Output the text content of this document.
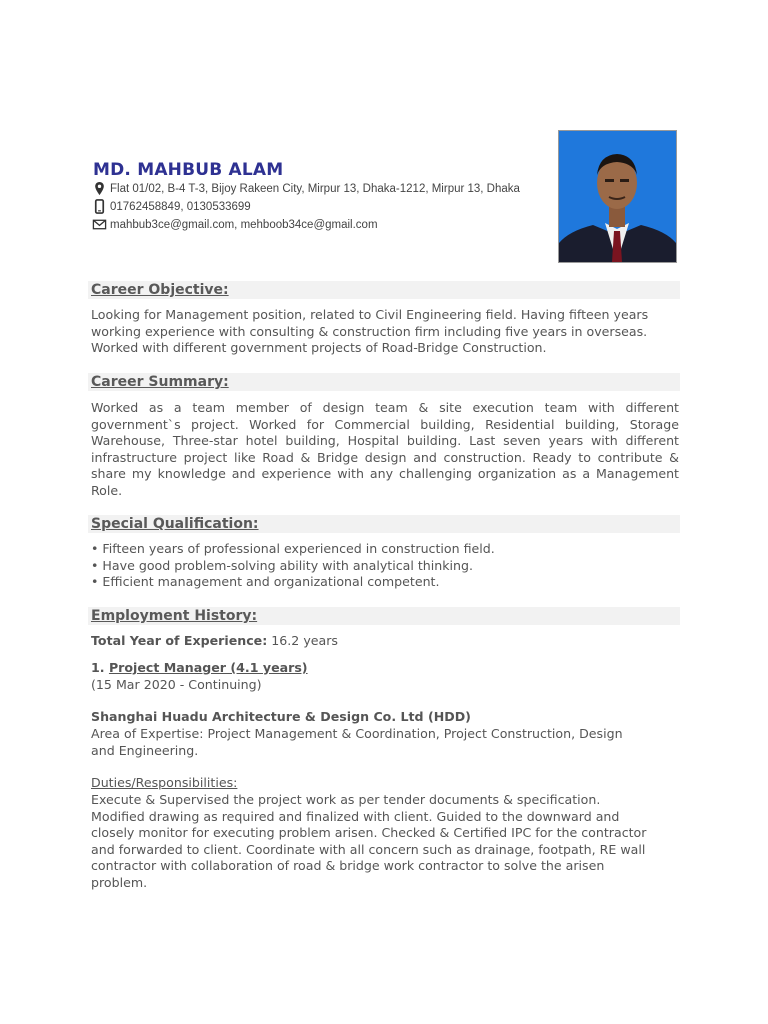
MD. MAHBUB ALAM
Flat 01/02, B-4 T-3, Bijoy Rakeen City, Mirpur 13, Dhaka-1212, Mirpur 13, Dhaka
01762458849, 0130533699
mahbub3ce@gmail.com, mehboob34ce@gmail.com
Career Objective:
Looking for Management position, related to Civil Engineering field. Having fifteen years
working experience with consulting & construction firm including five years in overseas.
Worked with different government projects of Road-Bridge Construction.
Career Summary:
Worked as a team member of design team & site execution team with different government`s project. Worked for Commercial building, Residential building, Storage Warehouse, Three-star hotel building, Hospital building. Last seven years with different infrastructure project like Road & Bridge design and construction. Ready to contribute & share my knowledge and experience with any challenging organization as a Management Role.
Special Qualification:
• Fifteen years of professional experienced in construction field.
• Have good problem-solving ability with analytical thinking.
• Efficient management and organizational competent.
Employment History:
Total Year of Experience: 16.2 years
1. Project Manager (4.1 years)
(15 Mar 2020 - Continuing)
Shanghai Huadu Architecture & Design Co. Ltd (HDD)
Area of Expertise: Project Management & Coordination, Project Construction, Design
and Engineering.
Duties/Responsibilities:
Execute & Supervised the project work as per tender documents & specification.
Modified drawing as required and finalized with client. Guided to the downward and
closely monitor for executing problem arisen. Checked & Certified IPC for the contractor
and forwarded to client. Coordinate with all concern such as drainage, footpath, RE wall
contractor with collaboration of road & bridge work contractor to solve the arisen
problem.
